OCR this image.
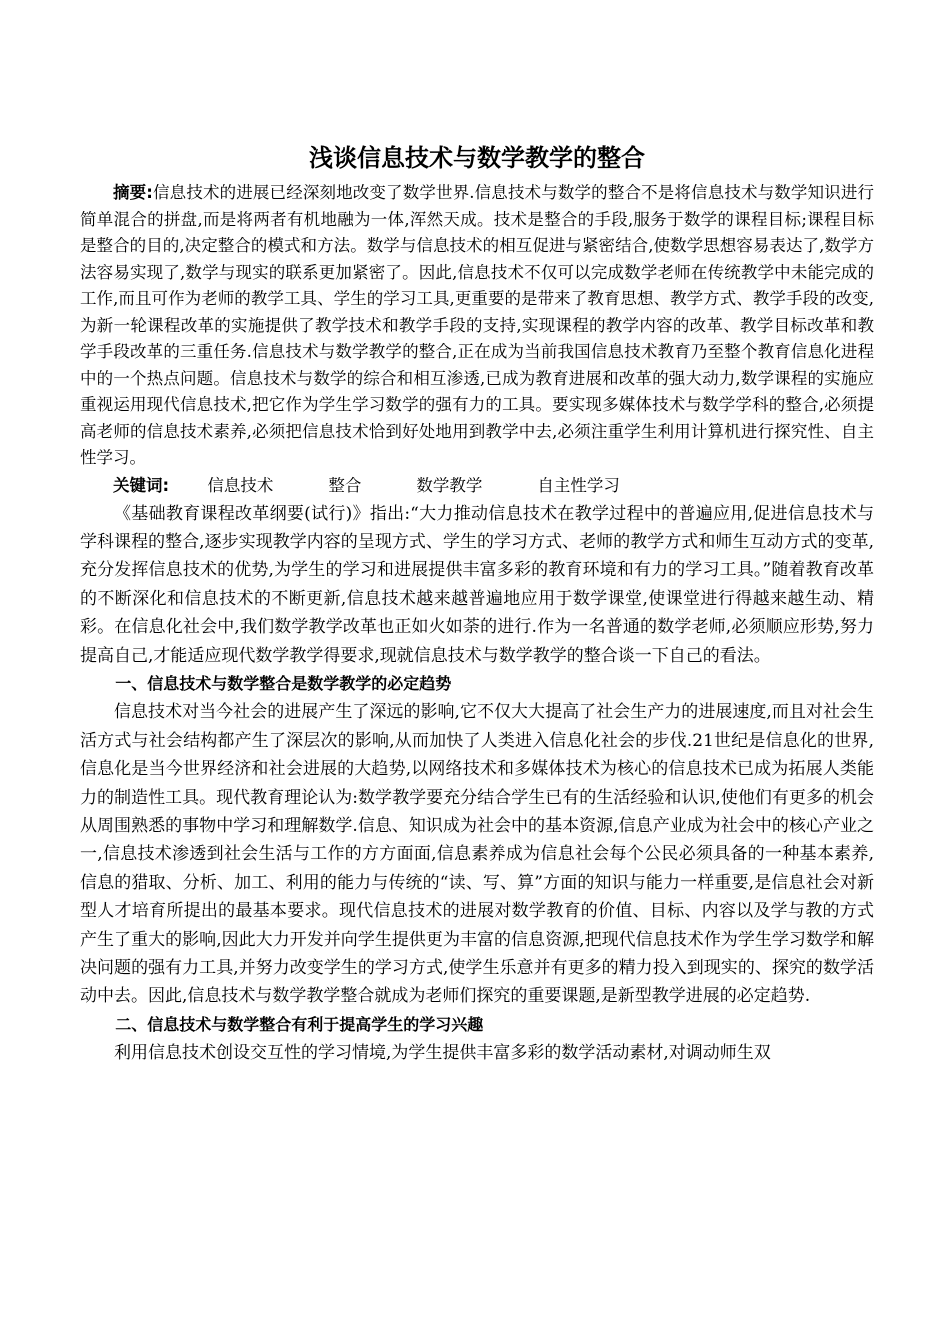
浅谈信息技术与数学教学的整合

摘要:信息技术的进展已经深刻地改变了数学世界.信息技术与数学的整合不是将信息技术与数学知识进行简单混合的拼盘,而是将两者有机地融为一体,浑然天成。技术是整合的手段,服务于数学的课程目标;课程目标是整合的目的,决定整合的模式和方法。数学与信息技术的相互促进与紧密结合,使数学思想容易表达了,数学方法容易实现了,数学与现实的联系更加紧密了。因此,信息技术不仅可以完成数学老师在传统教学中未能完成的工作,而且可作为老师的教学工具、学生的学习工具,更重要的是带来了教育思想、教学方式、教学手段的改变,为新一轮课程改革的实施提供了教学技术和教学手段的支持,实现课程的教学内容的改革、教学目标改革和教学手段改革的三重任务.信息技术与数学教学的整合,正在成为当前我国信息技术教育乃至整个教育信息化进程中的一个热点问题。信息技术与数学的综合和相互渗透,已成为教育进展和改革的强大动力,数学课程的实施应重视运用现代信息技术,把它作为学生学习数学的强有力的工具。要实现多媒体技术与数学学科的整合,必须提高老师的信息技术素养,必须把信息技术恰到好处地用到教学中去,必须注重学生利用计算机进行探究性、自主性学习。

关键词: 信息技术	整合	数学教学	自主性学习

《基础教育课程改革纲要(试行)》指出:“大力推动信息技术在教学过程中的普遍应用,促进信息技术与学科课程的整合,逐步实现教学内容的呈现方式、学生的学习方式、老师的教学方式和师生互动方式的变革,充分发挥信息技术的优势,为学生的学习和进展提供丰富多彩的教育环境和有力的学习工具。”随着教育改革的不断深化和信息技术的不断更新,信息技术越来越普遍地应用于数学课堂,使课堂进行得越来越生动、精彩。在信息化社会中,我们数学教学改革也正如火如荼的进行.作为一名普通的数学老师,必须顺应形势,努力提高自己,才能适应现代数学教学得要求,现就信息技术与数学教学的整合谈一下自己的看法。

一、信息技术与数学整合是数学教学的必定趋势

信息技术对当今社会的进展产生了深远的影响,它不仅大大提高了社会生产力的进展速度,而且对社会生活方式与社会结构都产生了深层次的影响,从而加快了人类进入信息化社会的步伐.21世纪是信息化的世界,信息化是当今世界经济和社会进展的大趋势,以网络技术和多媒体技术为核心的信息技术已成为拓展人类能力的制造性工具。现代教育理论认为:数学教学要充分结合学生已有的生活经验和认识,使他们有更多的机会从周围熟悉的事物中学习和理解数学.信息、知识成为社会中的基本资源,信息产业成为社会中的核心产业之一,信息技术渗透到社会生活与工作的方方面面,信息素养成为信息社会每个公民必须具备的一种基本素养,信息的猎取、分析、加工、利用的能力与传统的“读、写、算”方面的知识与能力一样重要,是信息社会对新型人才培育所提出的最基本要求。现代信息技术的进展对数学教育的价值、目标、内容以及学与教的方式产生了重大的影响,因此大力开发并向学生提供更为丰富的信息资源,把现代信息技术作为学生学习数学和解决问题的强有力工具,并努力改变学生的学习方式,使学生乐意并有更多的精力投入到现实的、探究的数学活动中去。因此,信息技术与数学教学整合就成为老师们探究的重要课题,是新型教学进展的必定趋势.

二、信息技术与数学整合有利于提高学生的学习兴趣

利用信息技术创设交互性的学习情境,为学生提供丰富多彩的数学活动素材,对调动师生双
